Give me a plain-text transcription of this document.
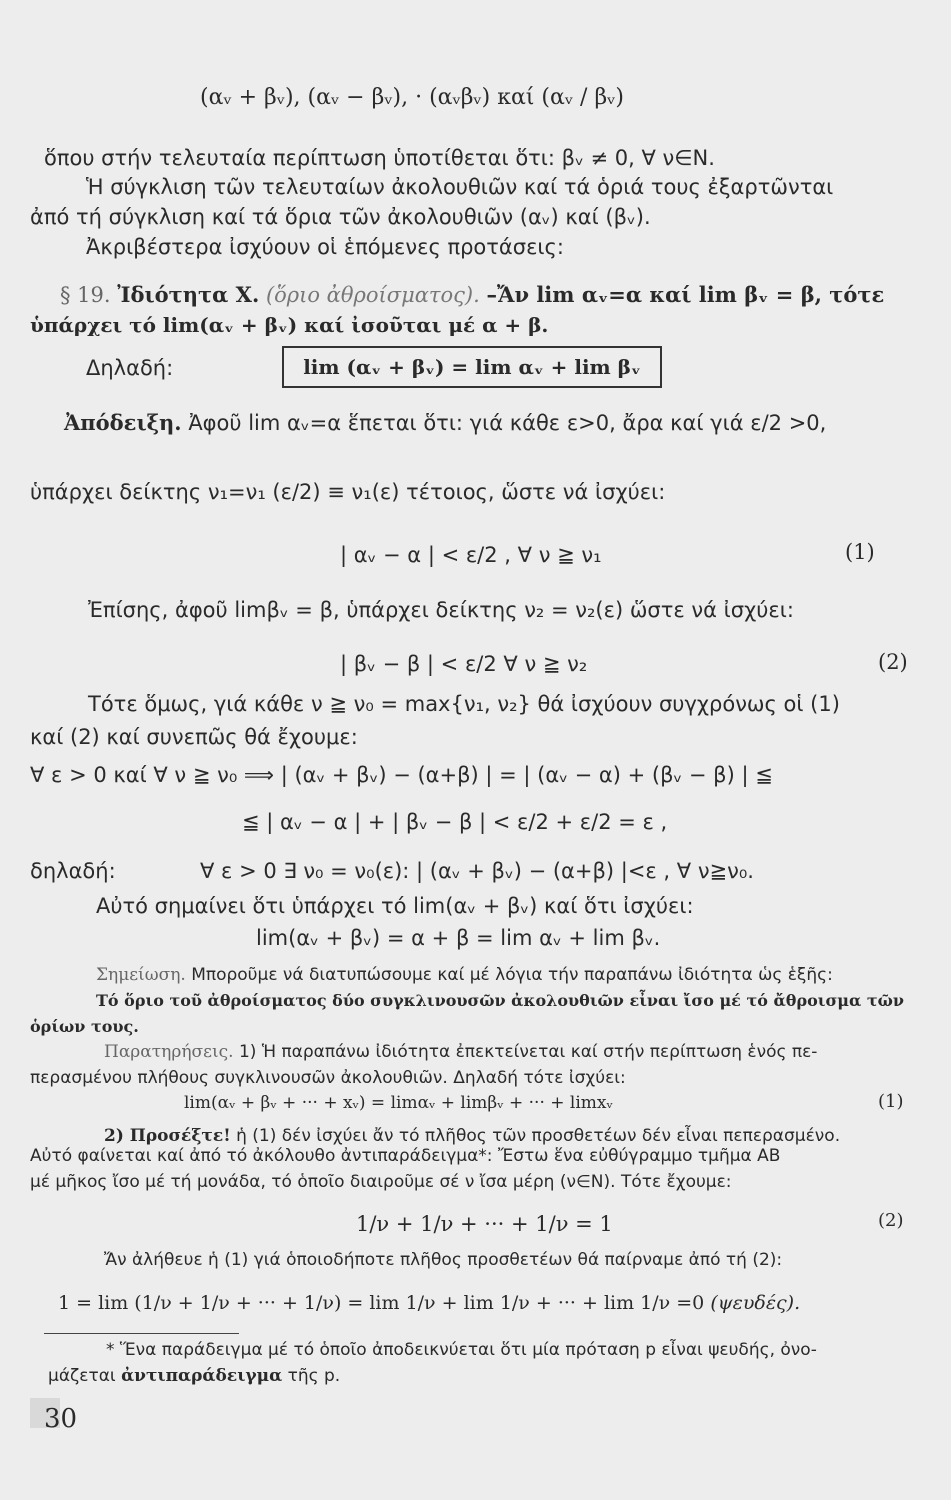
(αᵥ + βᵥ), (αᵥ − βᵥ), · (αᵥβᵥ) καί (αᵥ / βᵥ)
ὅπου στήν τελευταία περίπτωση ὑποτίθεται ὅτι: βᵥ ≠ 0, ∀ ν∈N.
Ἡ σύγκλιση τῶν τελευταίων ἀκολουθιῶν καί τά ὁριά τους ἐξαρτῶνται
ἀπό τή σύγκλιση καί τά ὅρια τῶν ἀκολουθιῶν (αᵥ) καί (βᵥ).
Ἀκριβέστερα ἰσχύουν οἱ ἑπόμενες προτάσεις:
§ 19. Ἰδιότητα Χ. (ὅριο ἀθροίσματος). –Ἄν lim αᵥ=α καί lim βᵥ = β, τότε
ὑπάρχει τό lim(αᵥ + βᵥ) καί ἰσοῦται μέ α + β.
Δηλαδή:	lim (αᵥ + βᵥ) = lim αᵥ + lim βᵥ
Ἀπόδειξη. Ἀφοῦ lim αᵥ=α ἕπεται ὅτι: γιά κάθε ε>0, ἄρα καί γιά ε/2 >0,
ὑπάρχει δείκτης ν₁=ν₁ (ε/2) ≡ ν₁(ε) τέτοιος, ὥστε νά ἰσχύει:
| αᵥ − α | < ε/2 , ∀ ν ≧ ν₁	(1)
Ἐπίσης, ἀφοῦ limβᵥ = β, ὑπάρχει δείκτης ν₂ = ν₂(ε) ὥστε νά ἰσχύει:
| βᵥ − β | < ε/2 ∀ ν ≧ ν₂	(2)
Τότε ὅμως, γιά κάθε ν ≧ ν₀ = max{ν₁, ν₂} θά ἰσχύουν συγχρόνως οἱ (1)
καί (2) καί συνεπῶς θά ἔχουμε:
∀ ε > 0 καί ∀ ν ≧ ν₀ ⟹ | (αᵥ + βᵥ) − (α+β) | = | (αᵥ − α) + (βᵥ − β) | ≦
≦ | αᵥ − α | + | βᵥ − β | < ε/2 + ε/2 = ε ,
δηλαδή:	∀ ε > 0 ∃ ν₀ = ν₀(ε): | (αᵥ + βᵥ) − (α+β) |<ε , ∀ ν≧ν₀.
Αὐτό σημαίνει ὅτι ὑπάρχει τό lim(αᵥ + βᵥ) καί ὅτι ἰσχύει:
lim(αᵥ + βᵥ) = α + β = lim αᵥ + lim βᵥ.
Σημείωση. Μποροῦμε νά διατυπώσουμε καί μέ λόγια τήν παραπάνω ἰδιότητα ὡς ἑξῆς:
Τό ὅριο τοῦ ἀθροίσματος δύο συγκλινουσῶν ἀκολουθιῶν εἶναι ἴσο μέ τό ἄθροισμα τῶν
ὁρίων τους.
Παρατηρήσεις. 1) Ἡ παραπάνω ἰδιότητα ἐπεκτείνεται καί στήν περίπτωση ἑνός πε-
περασμένου πλήθους συγκλινουσῶν ἀκολουθιῶν. Δηλαδή τότε ἰσχύει:
lim(αᵥ + βᵥ + ··· + xᵥ) = limαᵥ + limβᵥ + ··· + limxᵥ	(1)
2) Προσέξτε! ἡ (1) δέν ἰσχύει ἄν τό πλῆθος τῶν προσθετέων δέν εἶναι πεπερασμένο.
Αὐτό φαίνεται καί ἀπό τό ἀκόλουθο ἀντιπαράδειγμα*: Ἔστω ἕνα εὐθύγραμμο τμῆμα ΑΒ
μέ μῆκος ἴσο μέ τή μονάδα, τό ὁποῖο διαιροῦμε σέ ν ἴσα μέρη (ν∈N). Τότε ἔχουμε:
1/ν + 1/ν + ··· + 1/ν = 1	(2)
Ἄν ἀλήθευε ἡ (1) γιά ὁποιοδήποτε πλῆθος προσθετέων θά παίρναμε ἀπό τή (2):
1 = lim (1/ν + 1/ν + ··· + 1/ν) = lim 1/ν + lim 1/ν + ··· + lim 1/ν =0 (ψευδές).
* Ἕνα παράδειγμα μέ τό ὁποῖο ἀποδεικνύεται ὅτι μία πρόταση p εἶναι ψευδής, ὀνο-
μάζεται ἀντιπαράδειγμα τῆς p.
30
